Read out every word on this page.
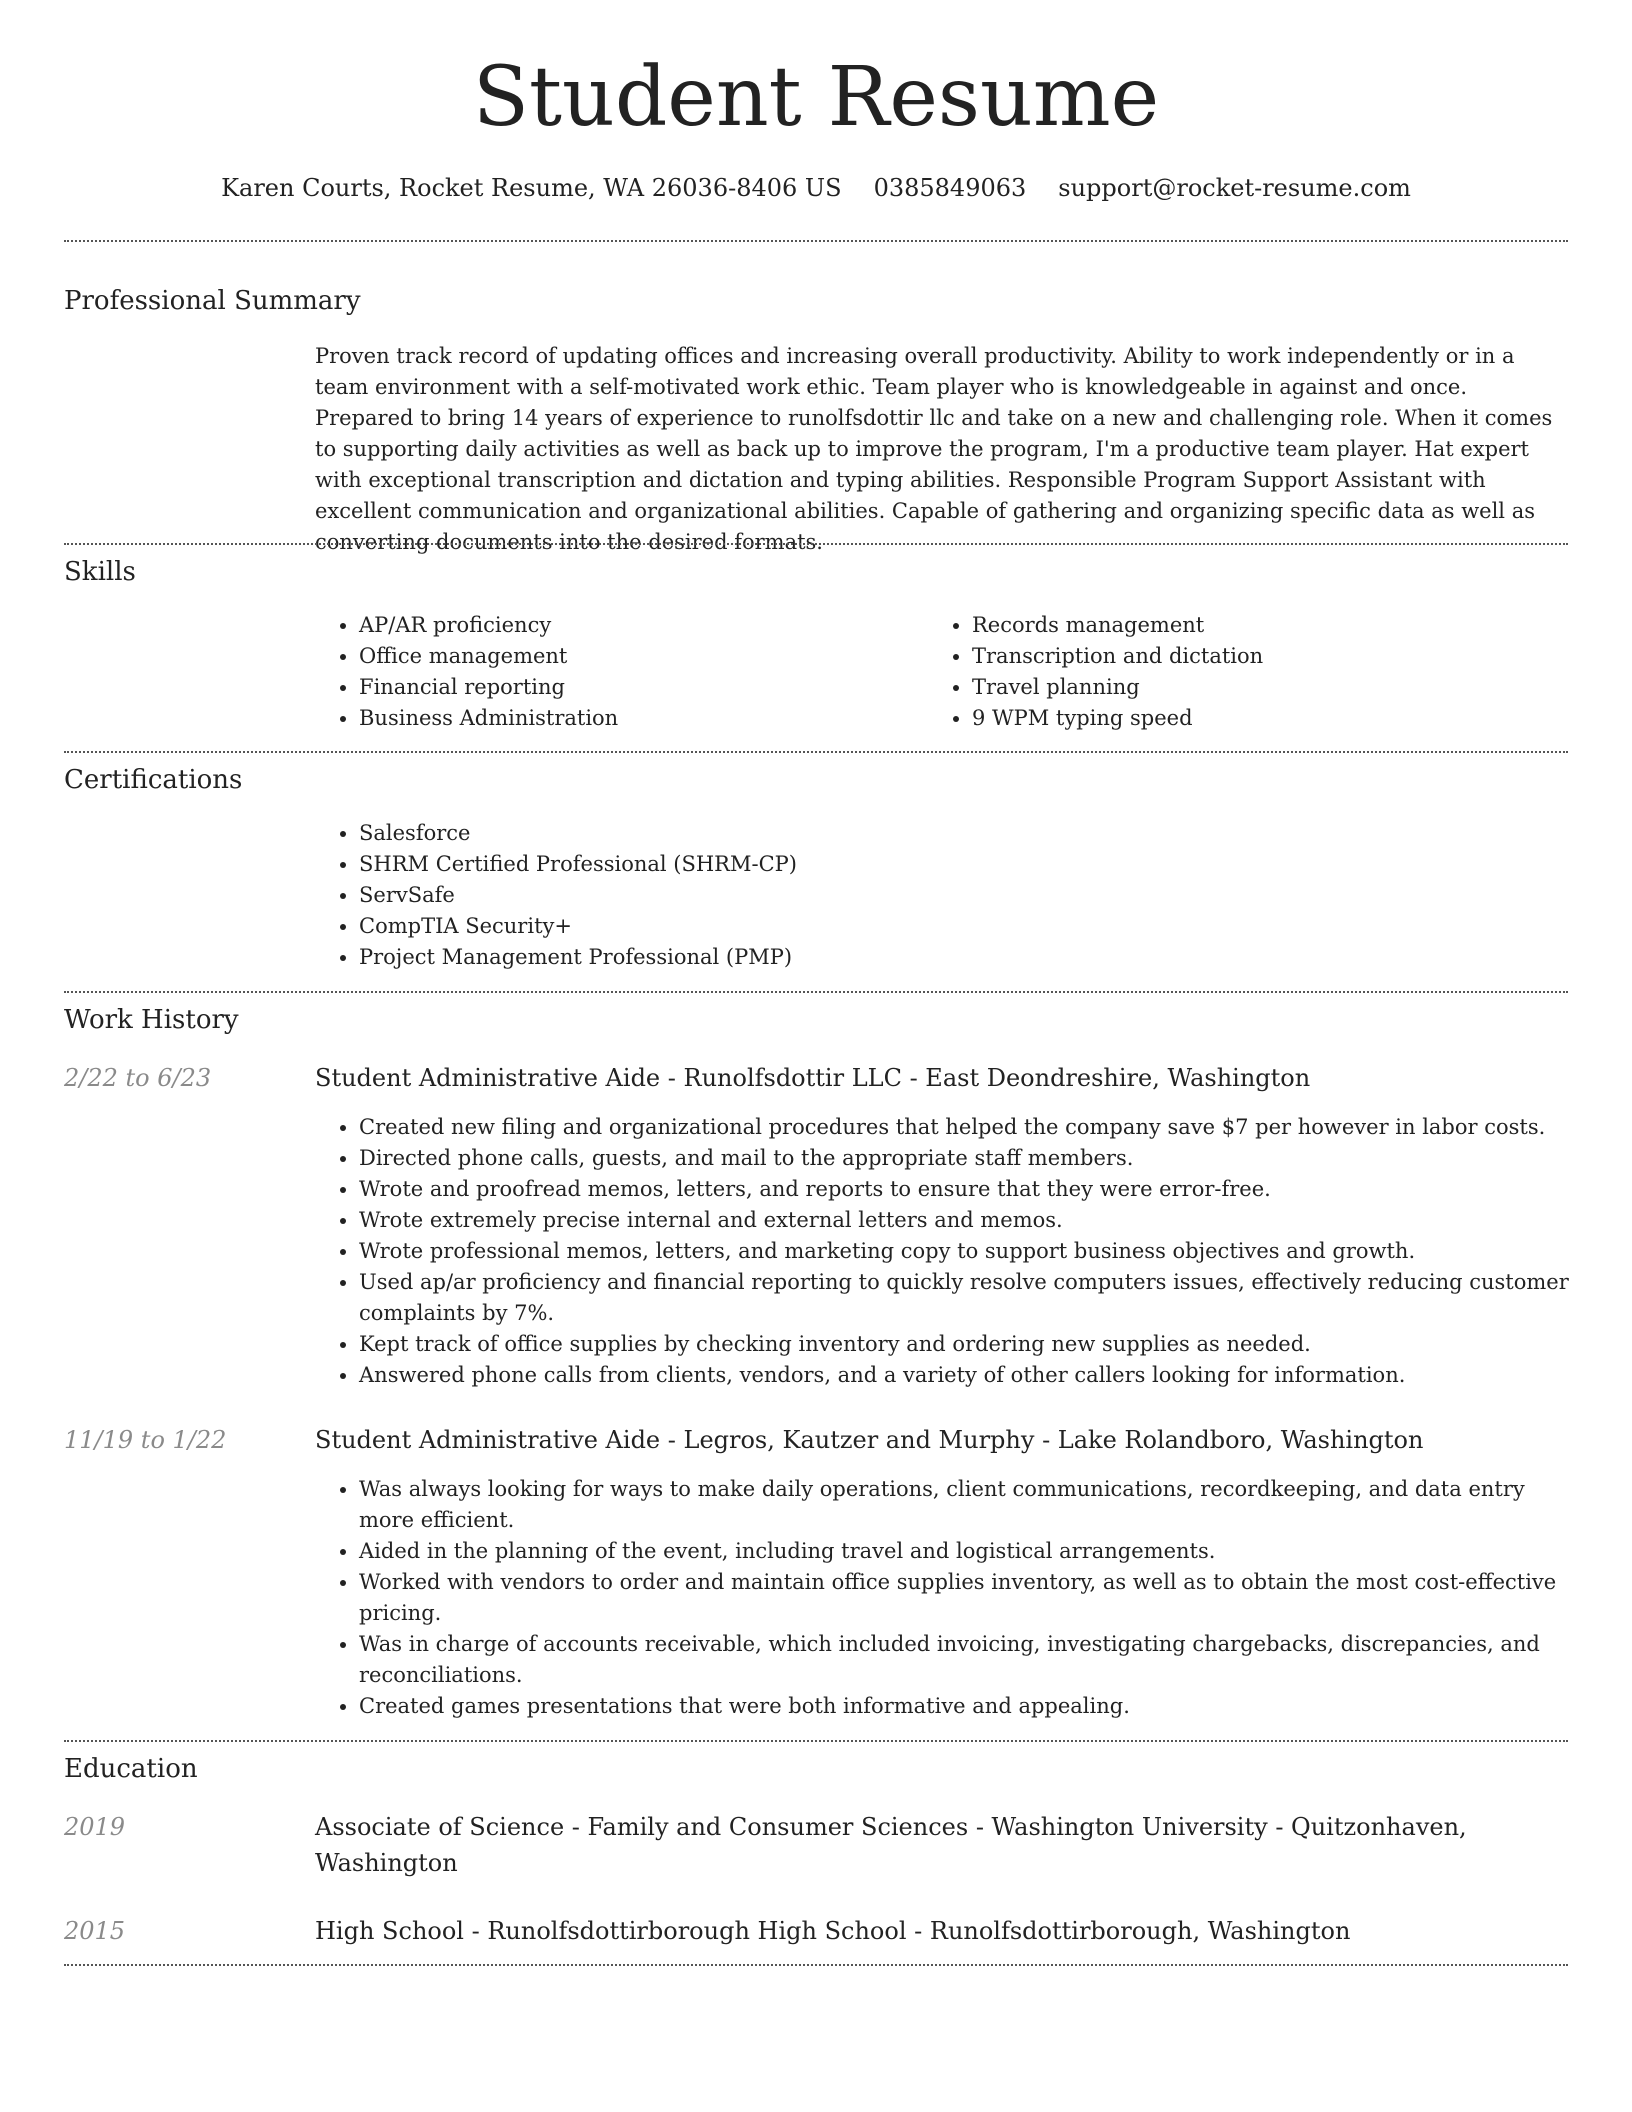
Student Resume
Karen Courts, Rocket Resume, WA 26036-8406 US 0385849063 support@rocket-resume.com
Professional Summary
Proven track record of updating offices and increasing overall productivity. Ability to work independently or in a team environment with a self-motivated work ethic. Team player who is knowledgeable in against and once. Prepared to bring 14 years of experience to runolfsdottir llc and take on a new and challenging role. When it comes to supporting daily activities as well as back up to improve the program, I'm a productive team player. Hat expert with exceptional transcription and dictation and typing abilities. Responsible Program Support Assistant with excellent communication and organizational abilities. Capable of gathering and organizing specific data as well as converting documents into the desired formats.
Skills
• AP/AR proficiency
• Office management
• Financial reporting
• Business Administration
• Records management
• Transcription and dictation
• Travel planning
• 9 WPM typing speed
Certifications
• Salesforce
• SHRM Certified Professional (SHRM-CP)
• ServSafe
• CompTIA Security+
• Project Management Professional (PMP)
Work History
2/22 to 6/23	Student Administrative Aide - Runolfsdottir LLC - East Deondreshire, Washington
• Created new filing and organizational procedures that helped the company save $7 per however in labor costs.
• Directed phone calls, guests, and mail to the appropriate staff members.
• Wrote and proofread memos, letters, and reports to ensure that they were error-free.
• Wrote extremely precise internal and external letters and memos.
• Wrote professional memos, letters, and marketing copy to support business objectives and growth.
• Used ap/ar proficiency and financial reporting to quickly resolve computers issues, effectively reducing customer complaints by 7%.
• Kept track of office supplies by checking inventory and ordering new supplies as needed.
• Answered phone calls from clients, vendors, and a variety of other callers looking for information.
11/19 to 1/22	Student Administrative Aide - Legros, Kautzer and Murphy - Lake Rolandboro, Washington
• Was always looking for ways to make daily operations, client communications, recordkeeping, and data entry more efficient.
• Aided in the planning of the event, including travel and logistical arrangements.
• Worked with vendors to order and maintain office supplies inventory, as well as to obtain the most cost-effective pricing.
• Was in charge of accounts receivable, which included invoicing, investigating chargebacks, discrepancies, and reconciliations.
• Created games presentations that were both informative and appealing.
Education
2019	Associate of Science - Family and Consumer Sciences - Washington University - Quitzonhaven, Washington
2015	High School - Runolfsdottirborough High School - Runolfsdottirborough, Washington
